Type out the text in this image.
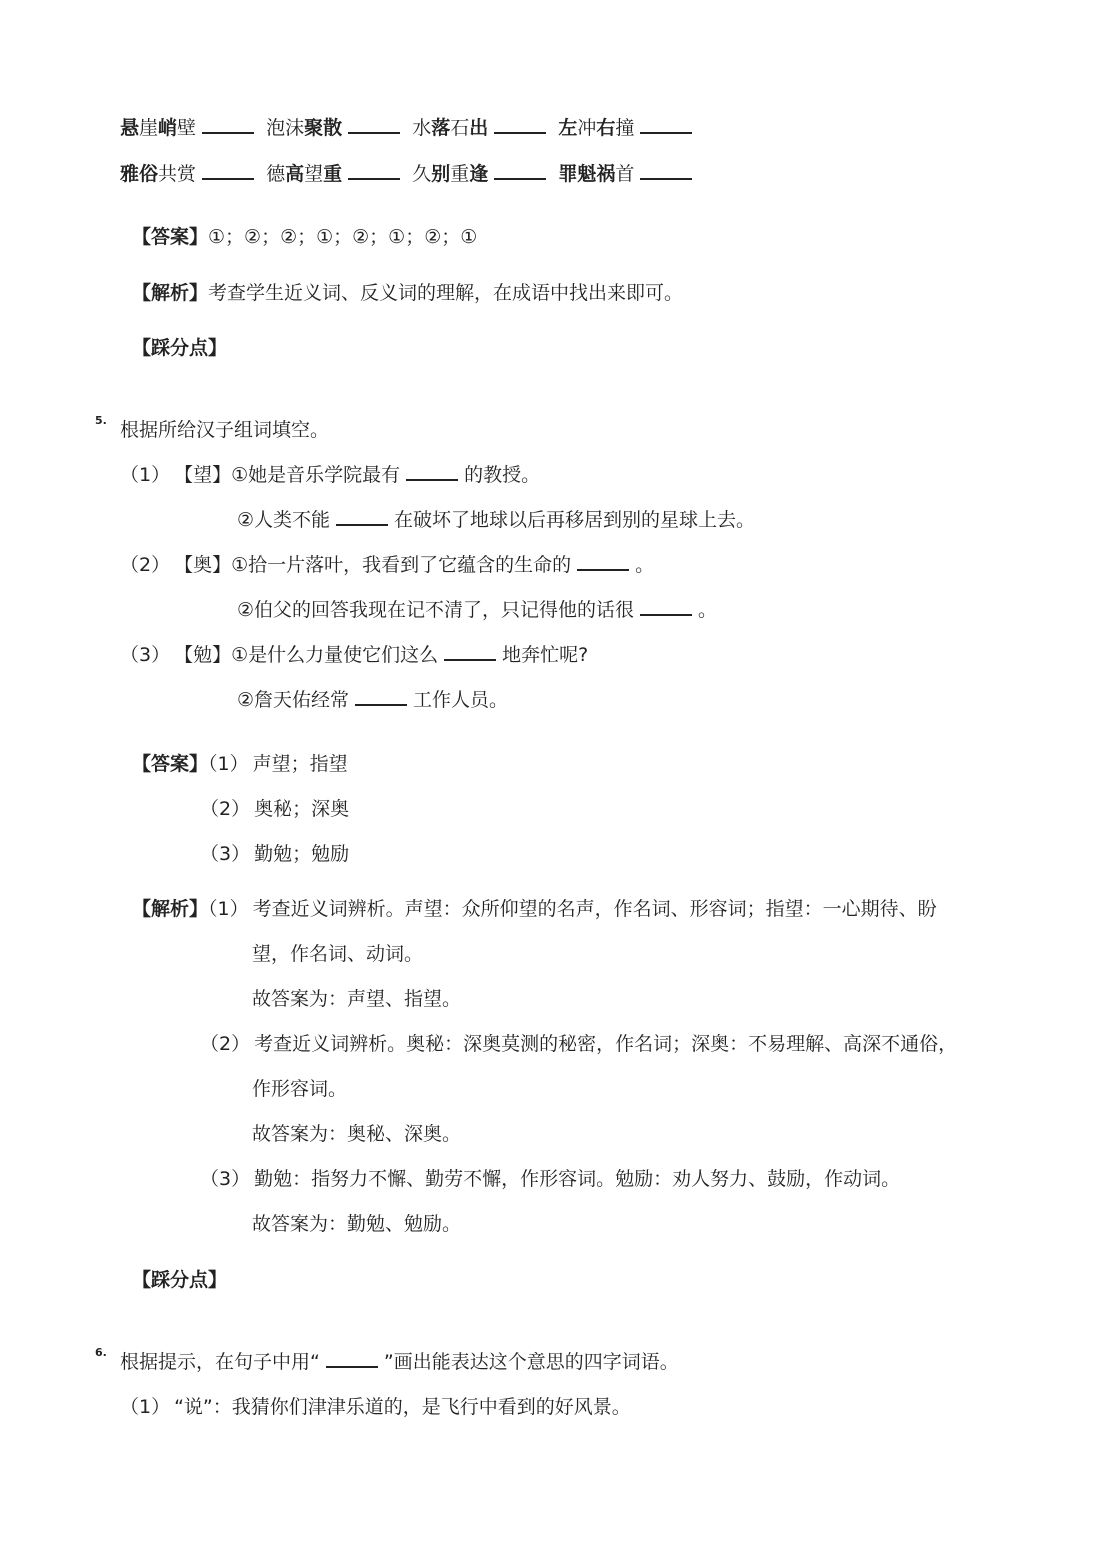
悬崖峭壁	泡沫聚散	水落石出	左冲右撞
雅俗共赏	德高望重	久别重逢	罪魁祸首
【答案】①；②；②；①；②；①；②；①
【解析】考查学生近义词、反义词的理解，在成语中找出来即可。
【踩分点】
5. 根据所给汉子组词填空。
（1） 【望】①她是音乐学院最有	的教授。
②人类不能	在破坏了地球以后再移居到别的星球上去。
（2） 【奥】①拾一片落叶，我看到了它蕴含的生命的	。
②伯父的回答我现在记不清了，只记得他的话很	。
（3） 【勉】①是什么力量使它们这么	地奔忙呢?
②詹天佑经常	工作人员。
【答案】（1） 声望；指望
（2） 奥秘；深奥
（3） 勤勉；勉励
【解析】（1） 考查近义词辨析。声望：众所仰望的名声，作名词、形容词；指望：一心期待、盼
望，作名词、动词。
故答案为：声望、指望。
（2） 考查近义词辨析。奥秘：深奥莫测的秘密，作名词；深奥：不易理解、高深不通俗，
作形容词。
故答案为：奥秘、深奥。
（3） 勤勉：指努力不懈、勤劳不懈，作形容词。勉励：劝人努力、鼓励，作动词。
故答案为：勤勉、勉励。
【踩分点】
6. 根据提示，在句子中用“	”画出能表达这个意思的四字词语。
（1） “说”：我猜你们津津乐道的，是飞行中看到的好风景。
